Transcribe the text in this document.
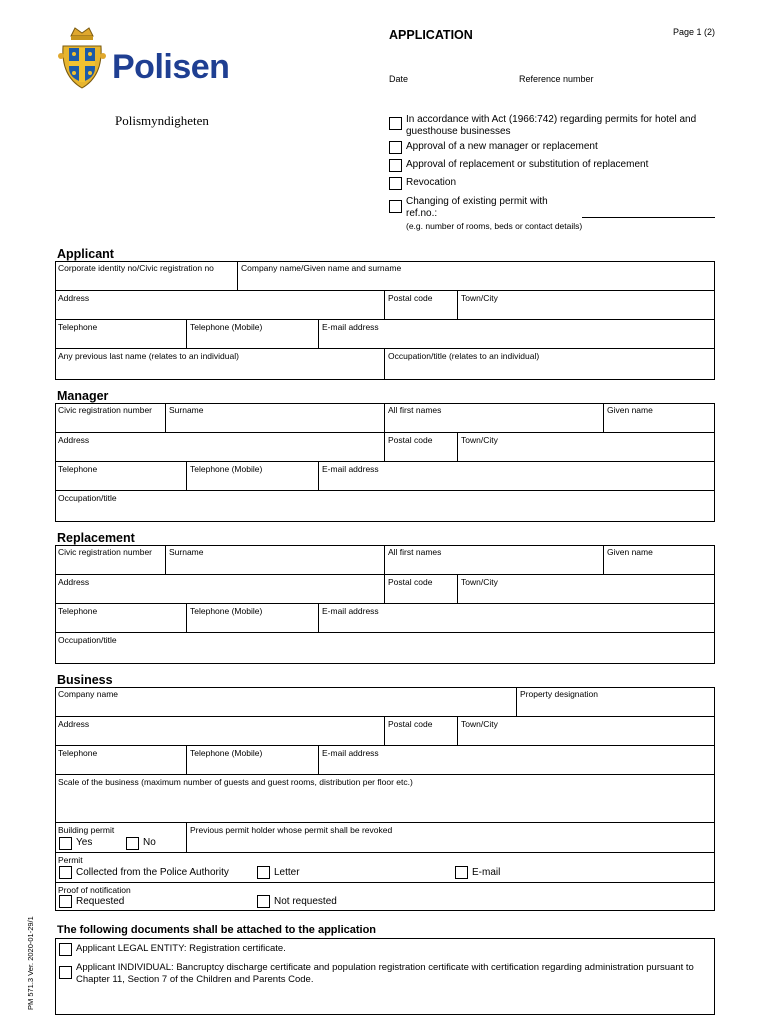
Polisen
Polismyndigheten
APPLICATION	Page 1 (2)
Date	Reference number
In accordance with Act (1966:742) regarding permits for hotel and guesthouse businesses
Approval of a new manager or replacement
Approval of replacement or substitution of replacement
Revocation
Changing of existing permit with ref.no.:
(e.g. number of rooms, beds or contact details)
Applicant
Corporate identity no/Civic registration no	Company name/Given name and surname
Address	Postal code	Town/City
Telephone	Telephone (Mobile)	E-mail address
Any previous last name (relates to an individual)	Occupation/title (relates to an individual)
Manager
Civic registration number	Surname	All first names	Given name
Address	Postal code	Town/City
Telephone	Telephone (Mobile)	E-mail address
Occupation/title
Replacement
Civic registration number	Surname	All first names	Given name
Address	Postal code	Town/City
Telephone	Telephone (Mobile)	E-mail address
Occupation/title
Business
Company name	Property designation
Address	Postal code	Town/City
Telephone	Telephone (Mobile)	E-mail address
Scale of the business (maximum number of guests and guest rooms, distribution per floor etc.)
Building permit	Previous permit holder whose permit shall be revoked
Yes	No
Permit
Collected from the Police Authority	Letter	E-mail
Proof of notification
Requested	Not requested
The following documents shall be attached to the application
Applicant LEGAL ENTITY: Registration certificate.
Applicant INDIVIDUAL: Bancruptcy discharge certificate and population registration certificate with certification regarding administration pursuant to Chapter 11, Section 7 of the Children and Parents Code.
PM 571.3 Ver. 2020-01-29/1
